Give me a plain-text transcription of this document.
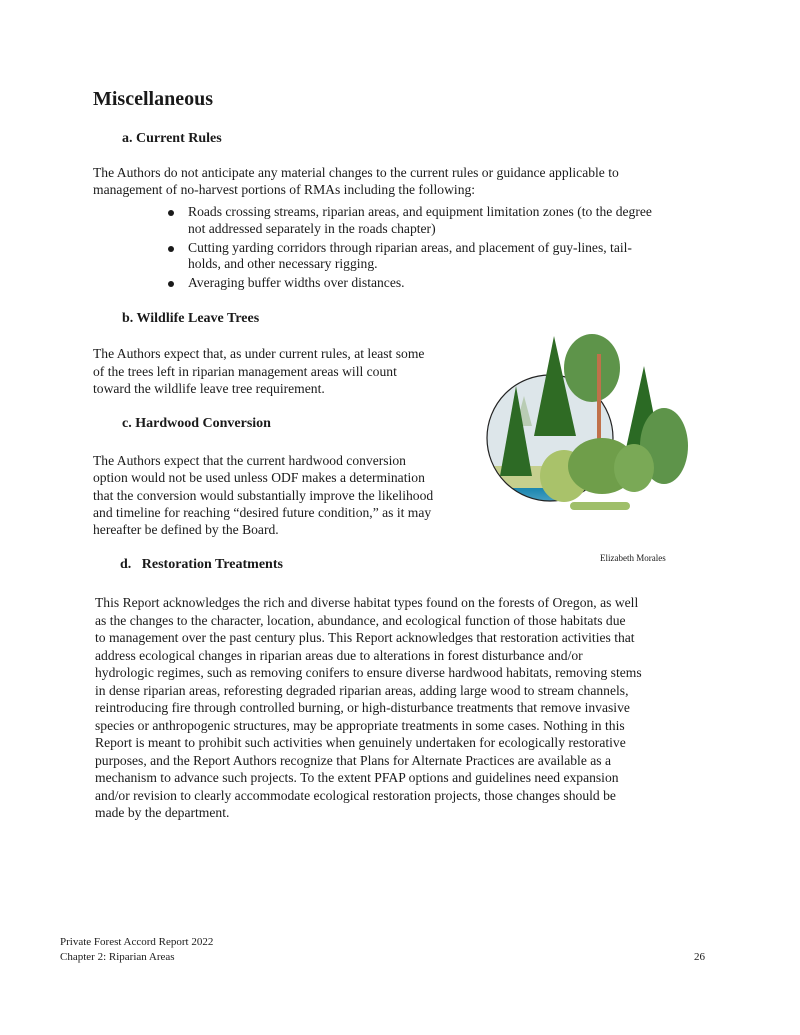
Miscellaneous
a. Current Rules
The Authors do not anticipate any material changes to the current rules or guidance applicable to
management of no-harvest portions of RMAs including the following:
Roads crossing streams, riparian areas, and equipment limitation zones (to the degree
not addressed separately in the roads chapter)
Cutting yarding corridors through riparian areas, and placement of guy-lines, tail-
holds, and other necessary rigging.
Averaging buffer widths over distances.
b. Wildlife Leave Trees
The Authors expect that, as under current rules, at least some
of the trees left in riparian management areas will count
toward the wildlife leave tree requirement.
c. Hardwood Conversion
The Authors expect that the current hardwood conversion
option would not be used unless ODF makes a determination
that the conversion would substantially improve the likelihood
and timeline for reaching “desired future condition,” as it may
hereafter be defined by the Board.
d.   Restoration Treatments
This Report acknowledges the rich and diverse habitat types found on the forests of Oregon, as well
as the changes to the character, location, abundance, and ecological function of those habitats due
to management over the past century plus. This Report acknowledges that restoration activities that
address ecological changes in riparian areas due to alterations in forest disturbance and/or
hydrologic regimes, such as removing conifers to ensure diverse hardwood habitats, removing stems
in dense riparian areas, reforesting degraded riparian areas, adding large wood to stream channels,
reintroducing fire through controlled burning, or high-disturbance treatments that remove invasive
species or anthropogenic structures, may be appropriate treatments in some cases. Nothing in this
Report is meant to prohibit such activities when genuinely undertaken for ecologically restorative
purposes, and the Report Authors recognize that Plans for Alternate Practices are available as a
mechanism to advance such projects. To the extent PFAP options and guidelines need expansion
and/or revision to clearly accommodate ecological restoration projects, those changes should be
made by the department.
Elizabeth Morales
Private Forest Accord Report 2022
Chapter 2: Riparian Areas	26
